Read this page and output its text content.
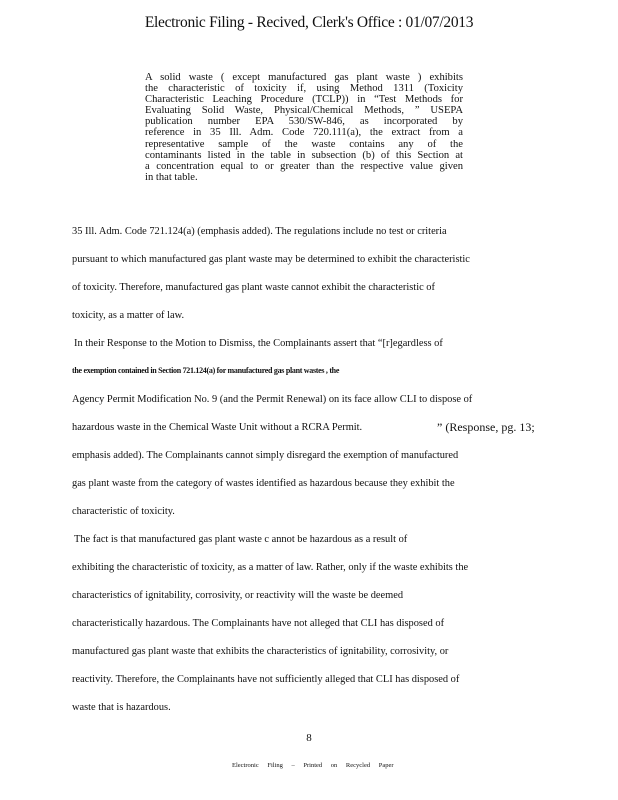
Electronic Filing - Recived, Clerk's Office : 01/07/2013
A solid waste ( except manufactured gas plant waste ) exhibits
the characteristic of toxicity if, using Method 1311 (Toxicity
Characteristic Leaching Procedure (TCLP)) in “Test Methods for
Evaluating Solid Waste, Physical/Chemical Methods, ” USEPA
publication number EPA 530/SW-846, as incorporated by
reference in 35 Ill. Adm. Code 720.111(a), the extract from a
representative sample of the waste contains any of the
contaminants listed in the table in subsection (b) of this Section at
a concentration equal to or greater than the respective value given
in that table.
35 Ill. Adm. Code 721.124(a) (emphasis added). The regulations include no test or criteria
pursuant to which manufactured gas plant waste may be determined to exhibit the characteristic
of toxicity. Therefore, manufactured gas plant waste cannot exhibit the characteristic of
toxicity, as a matter of law.
In their Response to the Motion to Dismiss, the Complainants assert that “[r]egardless of
the exemption contained in Section 721.124(a) for manufactured gas plant wastes , the
Agency Permit Modification No. 9 (and the Permit Renewal) on its face allow CLI to dispose of
hazardous waste in the Chemical Waste Unit without a RCRA Permit.	” (Response, pg. 13;
emphasis added). The Complainants cannot simply disregard the exemption of manufactured
gas plant waste from the category of wastes identified as hazardous because they exhibit the
characteristic of toxicity.
The fact is that manufactured gas plant waste c annot be hazardous as a result of
exhibiting the characteristic of toxicity, as a matter of law. Rather, only if the waste exhibits the
characteristics of ignitability, corrosivity, or reactivity will the waste be deemed
characteristically hazardous. The Complainants have not alleged that CLI has disposed of
manufactured gas plant waste that exhibits the characteristics of ignitability, corrosivity, or
reactivity. Therefore, the Complainants have not sufficiently alleged that CLI has disposed of
waste that is hazardous.
8
Electronic Filing – Printed on Recycled Paper
